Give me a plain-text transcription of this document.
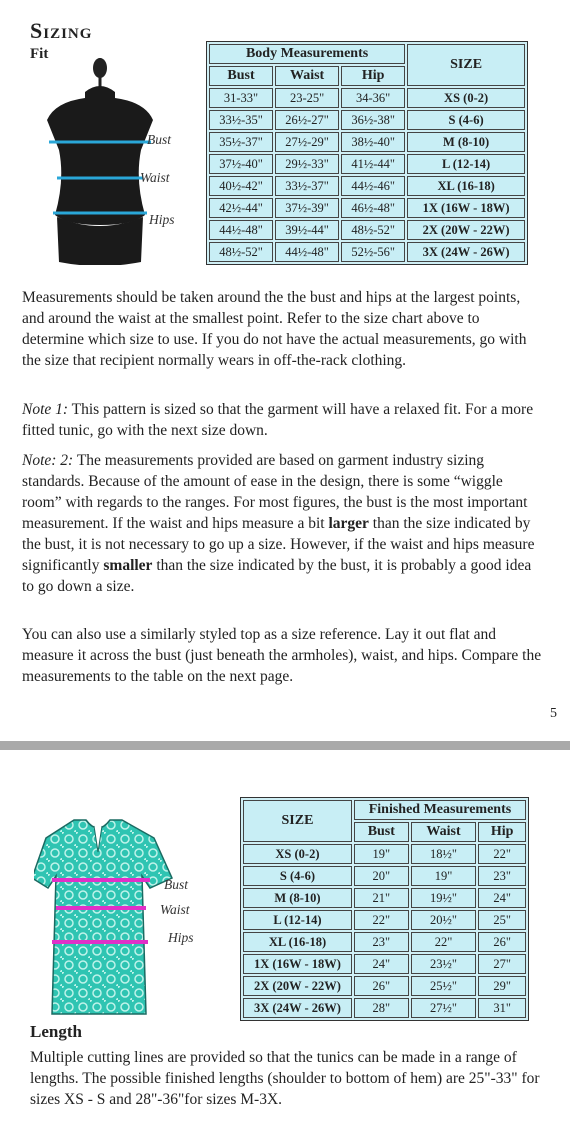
Sizing
Fit
Bust
Waist
Hips
Body Measurements			SIZE
Bust	Waist	Hip	
31-33"	23-25"	34-36"	XS (0-2)
33½-35"	26½-27"	36½-38"	S (4-6)
35½-37"	27½-29"	38½-40"	M (8-10)
37½-40"	29½-33"	41½-44"	L (12-14)
40½-42"	33½-37"	44½-46"	XL (16-18)
42½-44"	37½-39"	46½-48"	1X (16W - 18W)
44½-48"	39½-44"	48½-52"	2X (20W - 22W)
48½-52"	44½-48"	52½-56"	3X (24W - 26W)
Measurements should be taken around the the bust and hips at the largest points, and around the waist at the smallest point. Refer to the size chart above to determine which size to use. If you do not have the actual measurements, go with the size that recipient normally wears in off-the-rack clothing.
Note 1: This pattern is sized so that the garment will have a relaxed fit. For a more fitted tunic, go with the next size down.
Note: 2: The measurements provided are based on garment industry sizing standards. Because of the amount of ease in the design, there is some “wiggle room” with regards to the ranges. For most figures, the bust is the most important measurement. If the waist and hips measure a bit larger than the size indicated by the bust, it is not necessary to go up a size. However, if the waist and hips measure significantly smaller than the size indicated by the bust, it is probably a good idea to go down a size.
You can also use a similarly styled top as a size reference. Lay it out flat and measure it across the bust (just beneath the armholes), waist, and hips. Compare the measurements to the table on the next page.
5
Bust
Waist
Hips
SIZE	Finished Measurements		
	Bust	Waist	Hip
XS (0-2)	19"	18½"	22"
S (4-6)	20"	19"	23"
M (8-10)	21"	19½"	24"
L (12-14)	22"	20½"	25"
XL (16-18)	23"	22"	26"
1X (16W - 18W)	24"	23½"	27"
2X (20W - 22W)	26"	25½"	29"
3X (24W - 26W)	28"	27½"	31"
Length
Multiple cutting lines are provided so that the tunics can be made in a range of lengths. The possible finished lengths (shoulder to bottom of hem) are 25"-33" for sizes XS - S and 28"-36"for sizes M-3X.
